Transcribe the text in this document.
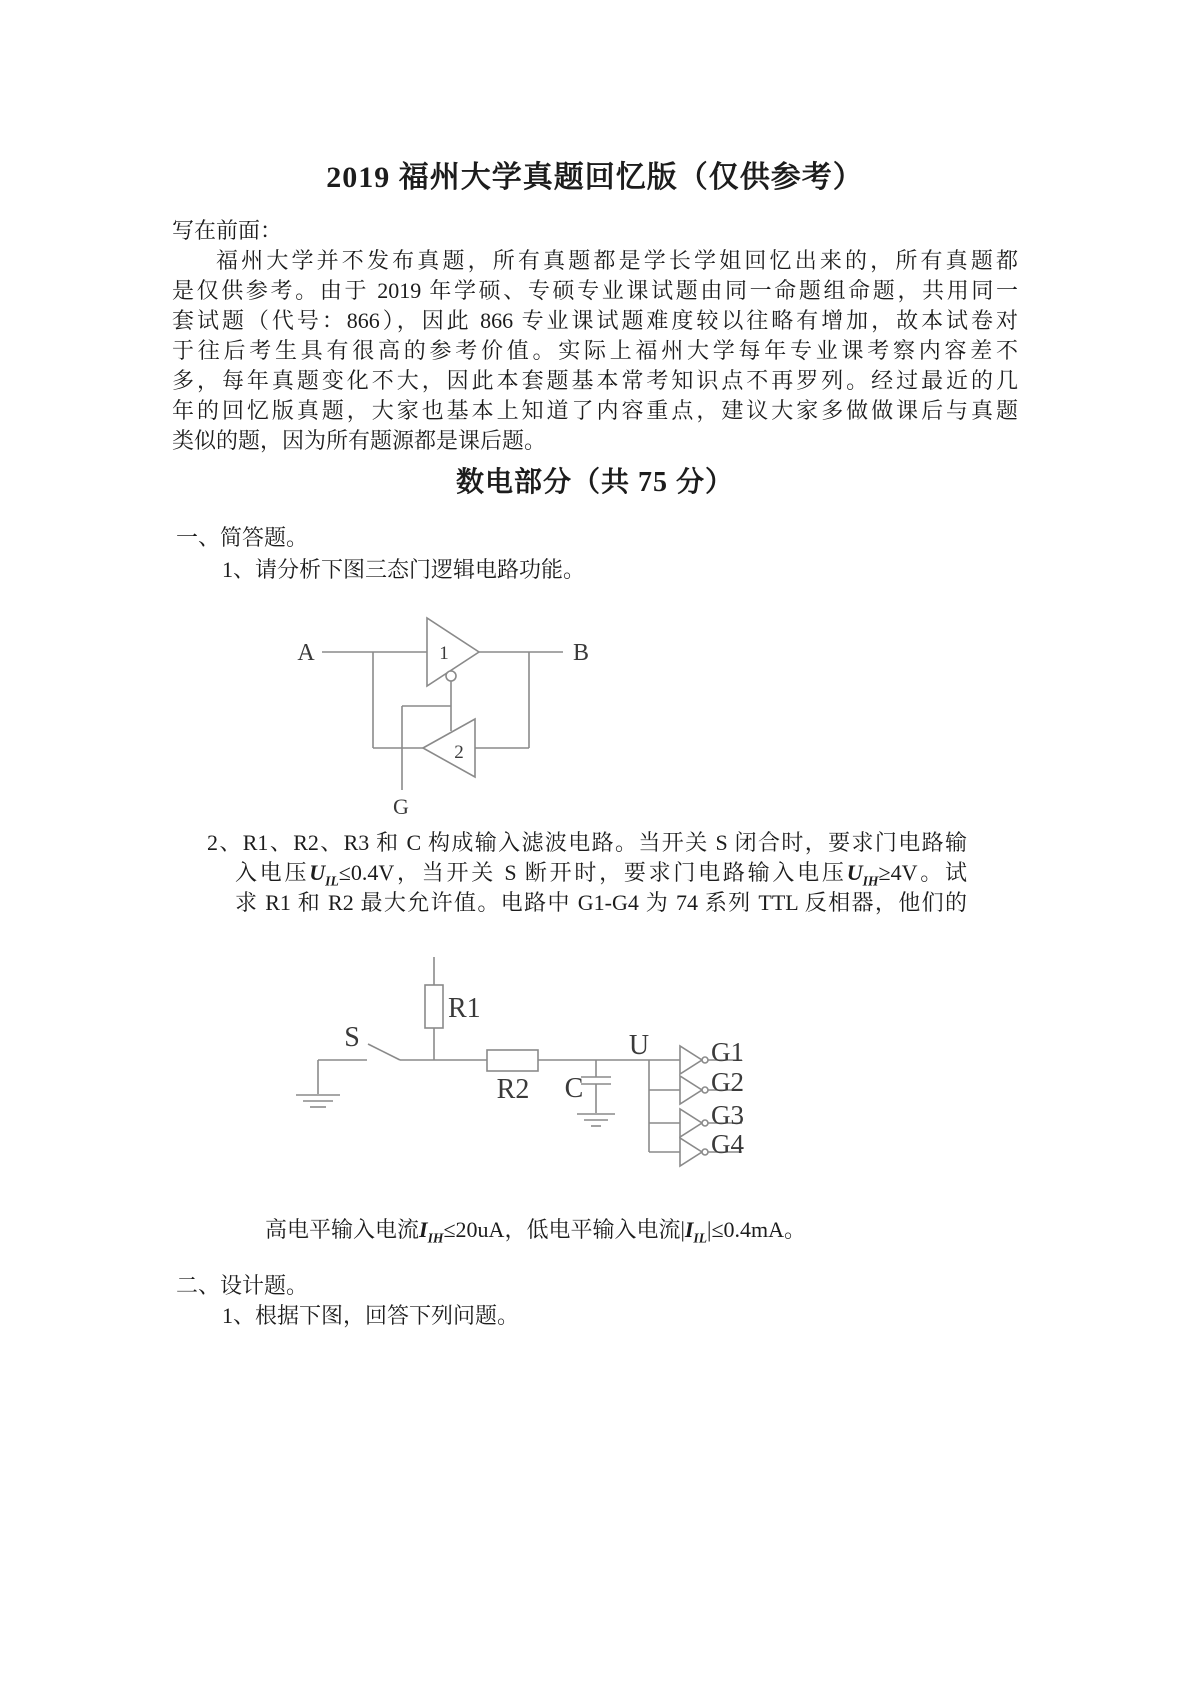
2019 福州大学真题回忆版（仅供参考）
写在前面：
福州大学并不发布真题，所有真题都是学长学姐回忆出来的，所有真题都
是仅供参考。由于 2019 年学硕、专硕专业课试题由同一命题组命题，共用同一
套试题（代号：866），因此 866 专业课试题难度较以往略有增加，故本试卷对
于往后考生具有很高的参考价值。实际上福州大学每年专业课考察内容差不
多，每年真题变化不大，因此本套题基本常考知识点不再罗列。经过最近的几
年的回忆版真题，大家也基本上知道了内容重点，建议大家多做做课后与真题
类似的题，因为所有题源都是课后题。
数电部分（共 75 分）
一、简答题。
1、请分析下图三态门逻辑电路功能。
A	B
G
1
2
2、R1、R2、R3 和 C 构成输入滤波电路。当开关 S 闭合时，要求门电路输
入电压$U_{IL}\le 0.4V$，当开关 S 断开时，要求门电路输入电压$U_{IH}\ge 4V$。试
求 R1 和 R2 最大允许值。电路中 G1-G4 为 74 系列 TTL 反相器，他们的
S
R1
R2 C
U G1
G2
G3
G4
高电平输入电流$I_{IH}\le 20uA$，低电平输入电流$|I_{IL}|\le 0.4mA$。
二、设计题。
1、根据下图，回答下列问题。
